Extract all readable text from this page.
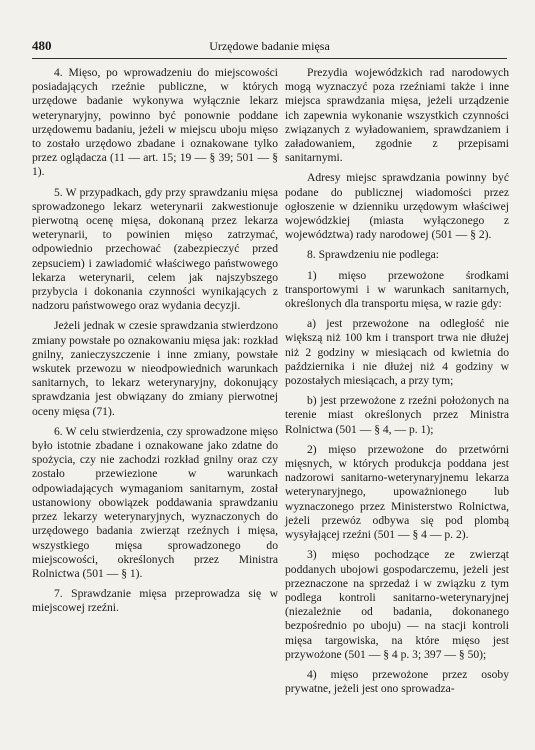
480	Urzędowe badanie mięsa

4. Mięso, po wprowadzeniu do miejscowości posiadających rzeźnie publiczne, w których urzędowe badanie wykonywa wyłącznie lekarz weterynaryjny, powinno być ponownie poddane urzędowemu badaniu, jeżeli w miejscu uboju mięso to zostało urzędowo zbadane i oznakowane tylko przez oglądacza (11 — art. 15; 19 — § 39; 501 — § 1).

5. W przypadkach, gdy przy sprawdzaniu mięsa sprowadzonego lekarz weterynarii zakwestionuje pierwotną ocenę mięsa, dokonaną przez lekarza weterynarii, to powinien mięso zatrzymać, odpowiednio przechować (zabezpieczyć przed zepsuciem) i zawiadomić właściwego państwowego lekarza weterynarii, celem jak najszybszego przybycia i dokonania czynności wynikających z nadzoru państwowego oraz wydania decyzji.

Jeżeli jednak w czesie sprawdzania stwierdzono zmiany powstałe po oznakowaniu mięsa jak: rozkład gnilny, zanieczyszczenie i inne zmiany, powstałe wskutek przewozu w nieodpowiednich warunkach sanitarnych, to lekarz weterynaryjny, dokonujący sprawdzania jest obwiązany do zmiany pierwotnej oceny mięsa (71).

6. W celu stwierdzenia, czy sprowadzone mięso było istotnie zbadane i oznakowane jako zdatne do spożycia, czy nie zachodzi rozkład gnilny oraz czy zostało przewiezione w warunkach odpowiadających wymaganiom sanitarnym, został ustanowiony obowiązek poddawania sprawdzaniu przez lekarzy weterynaryjnych, wyznaczonych do urzędowego badania zwierząt rzeźnych i mięsa, wszystkiego mięsa sprowadzonego do miejscowości, określonych przez Ministra Rolnictwa (501 — § 1).

7. Sprawdzanie mięsa przeprowadza się w miejscowej rzeźni.

Prezydia wojewódzkich rad narodowych mogą wyznaczyć poza rzeźniami także i inne miejsca sprawdzania mięsa, jeżeli urządzenie ich zapewnia wykonanie wszystkich czynności związanych z wyładowaniem, sprawdzaniem i załadowaniem, zgodnie z przepisami sanitarnymi.

Adresy miejsc sprawdzania powinny być podane do publicznej wiadomości przez ogłoszenie w dzienniku urzędowym właściwej wojewódzkiej (miasta wyłączonego z województwa) rady narodowej (501 — § 2).

8. Sprawdzeniu nie podlega:

1) mięso przewożone środkami transportowymi i w warunkach sanitarnych, określonych dla transportu mięsa, w razie gdy:

a) jest przewożone na odległość nie większą niż 100 km i transport trwa nie dłużej niż 2 godziny w miesiącach od kwietnia do października i nie dłużej niż 4 godziny w pozostałych miesiącach, a przy tym;

b) jest przewożone z rzeźni położonych na terenie miast określonych przez Ministra Rolnictwa (501 — § 4, — p. 1);

2) mięso przewożone do przetwórni mięsnych, w których produkcja poddana jest nadzorowi sanitarno-weterynaryjnemu lekarza weterynaryjnego, upoważnionego lub wyznaczonego przez Ministerstwo Rolnictwa, jeżeli przewóz odbywa się pod plombą wysyłającej rzeźni (501 — § 4 — p. 2).

3) mięso pochodzące ze zwierząt poddanych ubojowi gospodarczemu, jeżeli jest przeznaczone na sprzedaż i w związku z tym podlega kontroli sanitarno-weterynaryjnej (niezależnie od badania, dokonanego bezpośrednio po uboju) — na stacji kontroli mięsa targowiska, na które mięso jest przywożone (501 — § 4 p. 3; 397 — § 50);

4) mięso przewożone przez osoby prywatne, jeżeli jest ono sprowadza-
